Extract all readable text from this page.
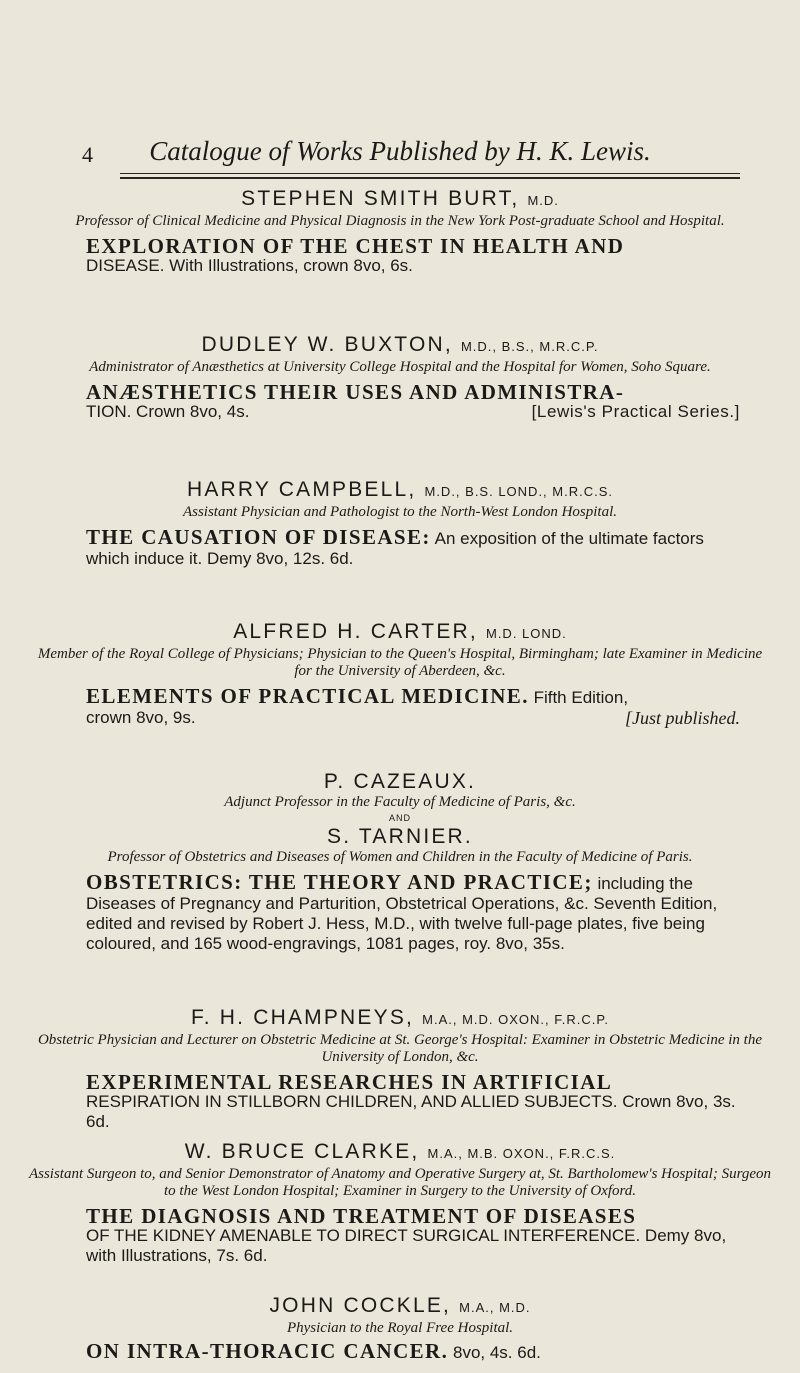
4	Catalogue of Works Published by H. K. Lewis.
STEPHEN SMITH BURT, M.D.
Professor of Clinical Medicine and Physical Diagnosis in the New York Post-graduate School and Hospital.
EXPLORATION OF THE CHEST IN HEALTH AND
DISEASE. With Illustrations, crown 8vo, 6s.
DUDLEY W. BUXTON, M.D., B.S., M.R.C.P.
Administrator of Anæsthetics at University College Hospital and the Hospital for Women, Soho Square.
ANÆSTHETICS THEIR USES AND ADMINISTRA-
[Lewis's Practical Series.]
TION. Crown 8vo, 4s.
HARRY CAMPBELL, M.D., B.S. LOND., M.R.C.S.
Assistant Physician and Pathologist to the North-West London Hospital.
THE CAUSATION OF DISEASE: An exposition of the ultimate factors which induce it. Demy 8vo, 12s. 6d.
ALFRED H. CARTER, M.D. LOND.
Member of the Royal College of Physicians; Physician to the Queen's Hospital, Birmingham; late Examiner in Medicine for the University of Aberdeen, &c.
ELEMENTS OF PRACTICAL MEDICINE. Fifth Edition,
[Just published.
crown 8vo, 9s.
P. CAZEAUX.
Adjunct Professor in the Faculty of Medicine of Paris, &c.
AND
S. TARNIER.
Professor of Obstetrics and Diseases of Women and Children in the Faculty of Medicine of Paris.
OBSTETRICS: THE THEORY AND PRACTICE; including the Diseases of Pregnancy and Parturition, Obstetrical Operations, &c. Seventh Edition, edited and revised by Robert J. Hess, M.D., with twelve full-page plates, five being coloured, and 165 wood-engravings, 1081 pages, roy. 8vo, 35s.
F. H. CHAMPNEYS, M.A., M.D. OXON., F.R.C.P.
Obstetric Physician and Lecturer on Obstetric Medicine at St. George's Hospital: Examiner in Obstetric Medicine in the University of London, &c.
EXPERIMENTAL RESEARCHES IN ARTIFICIAL
RESPIRATION IN STILLBORN CHILDREN, AND ALLIED SUBJECTS. Crown 8vo, 3s. 6d.
W. BRUCE CLARKE, M.A., M.B. OXON., F.R.C.S.
Assistant Surgeon to, and Senior Demonstrator of Anatomy and Operative Surgery at, St. Bartholomew's Hospital; Surgeon to the West London Hospital; Examiner in Surgery to the University of Oxford.
THE DIAGNOSIS AND TREATMENT OF DISEASES
OF THE KIDNEY AMENABLE TO DIRECT SURGICAL INTERFERENCE. Demy 8vo, with Illustrations, 7s. 6d.
JOHN COCKLE, M.A., M.D.
Physician to the Royal Free Hospital.
ON INTRA-THORACIC CANCER. 8vo, 4s. 6d.
